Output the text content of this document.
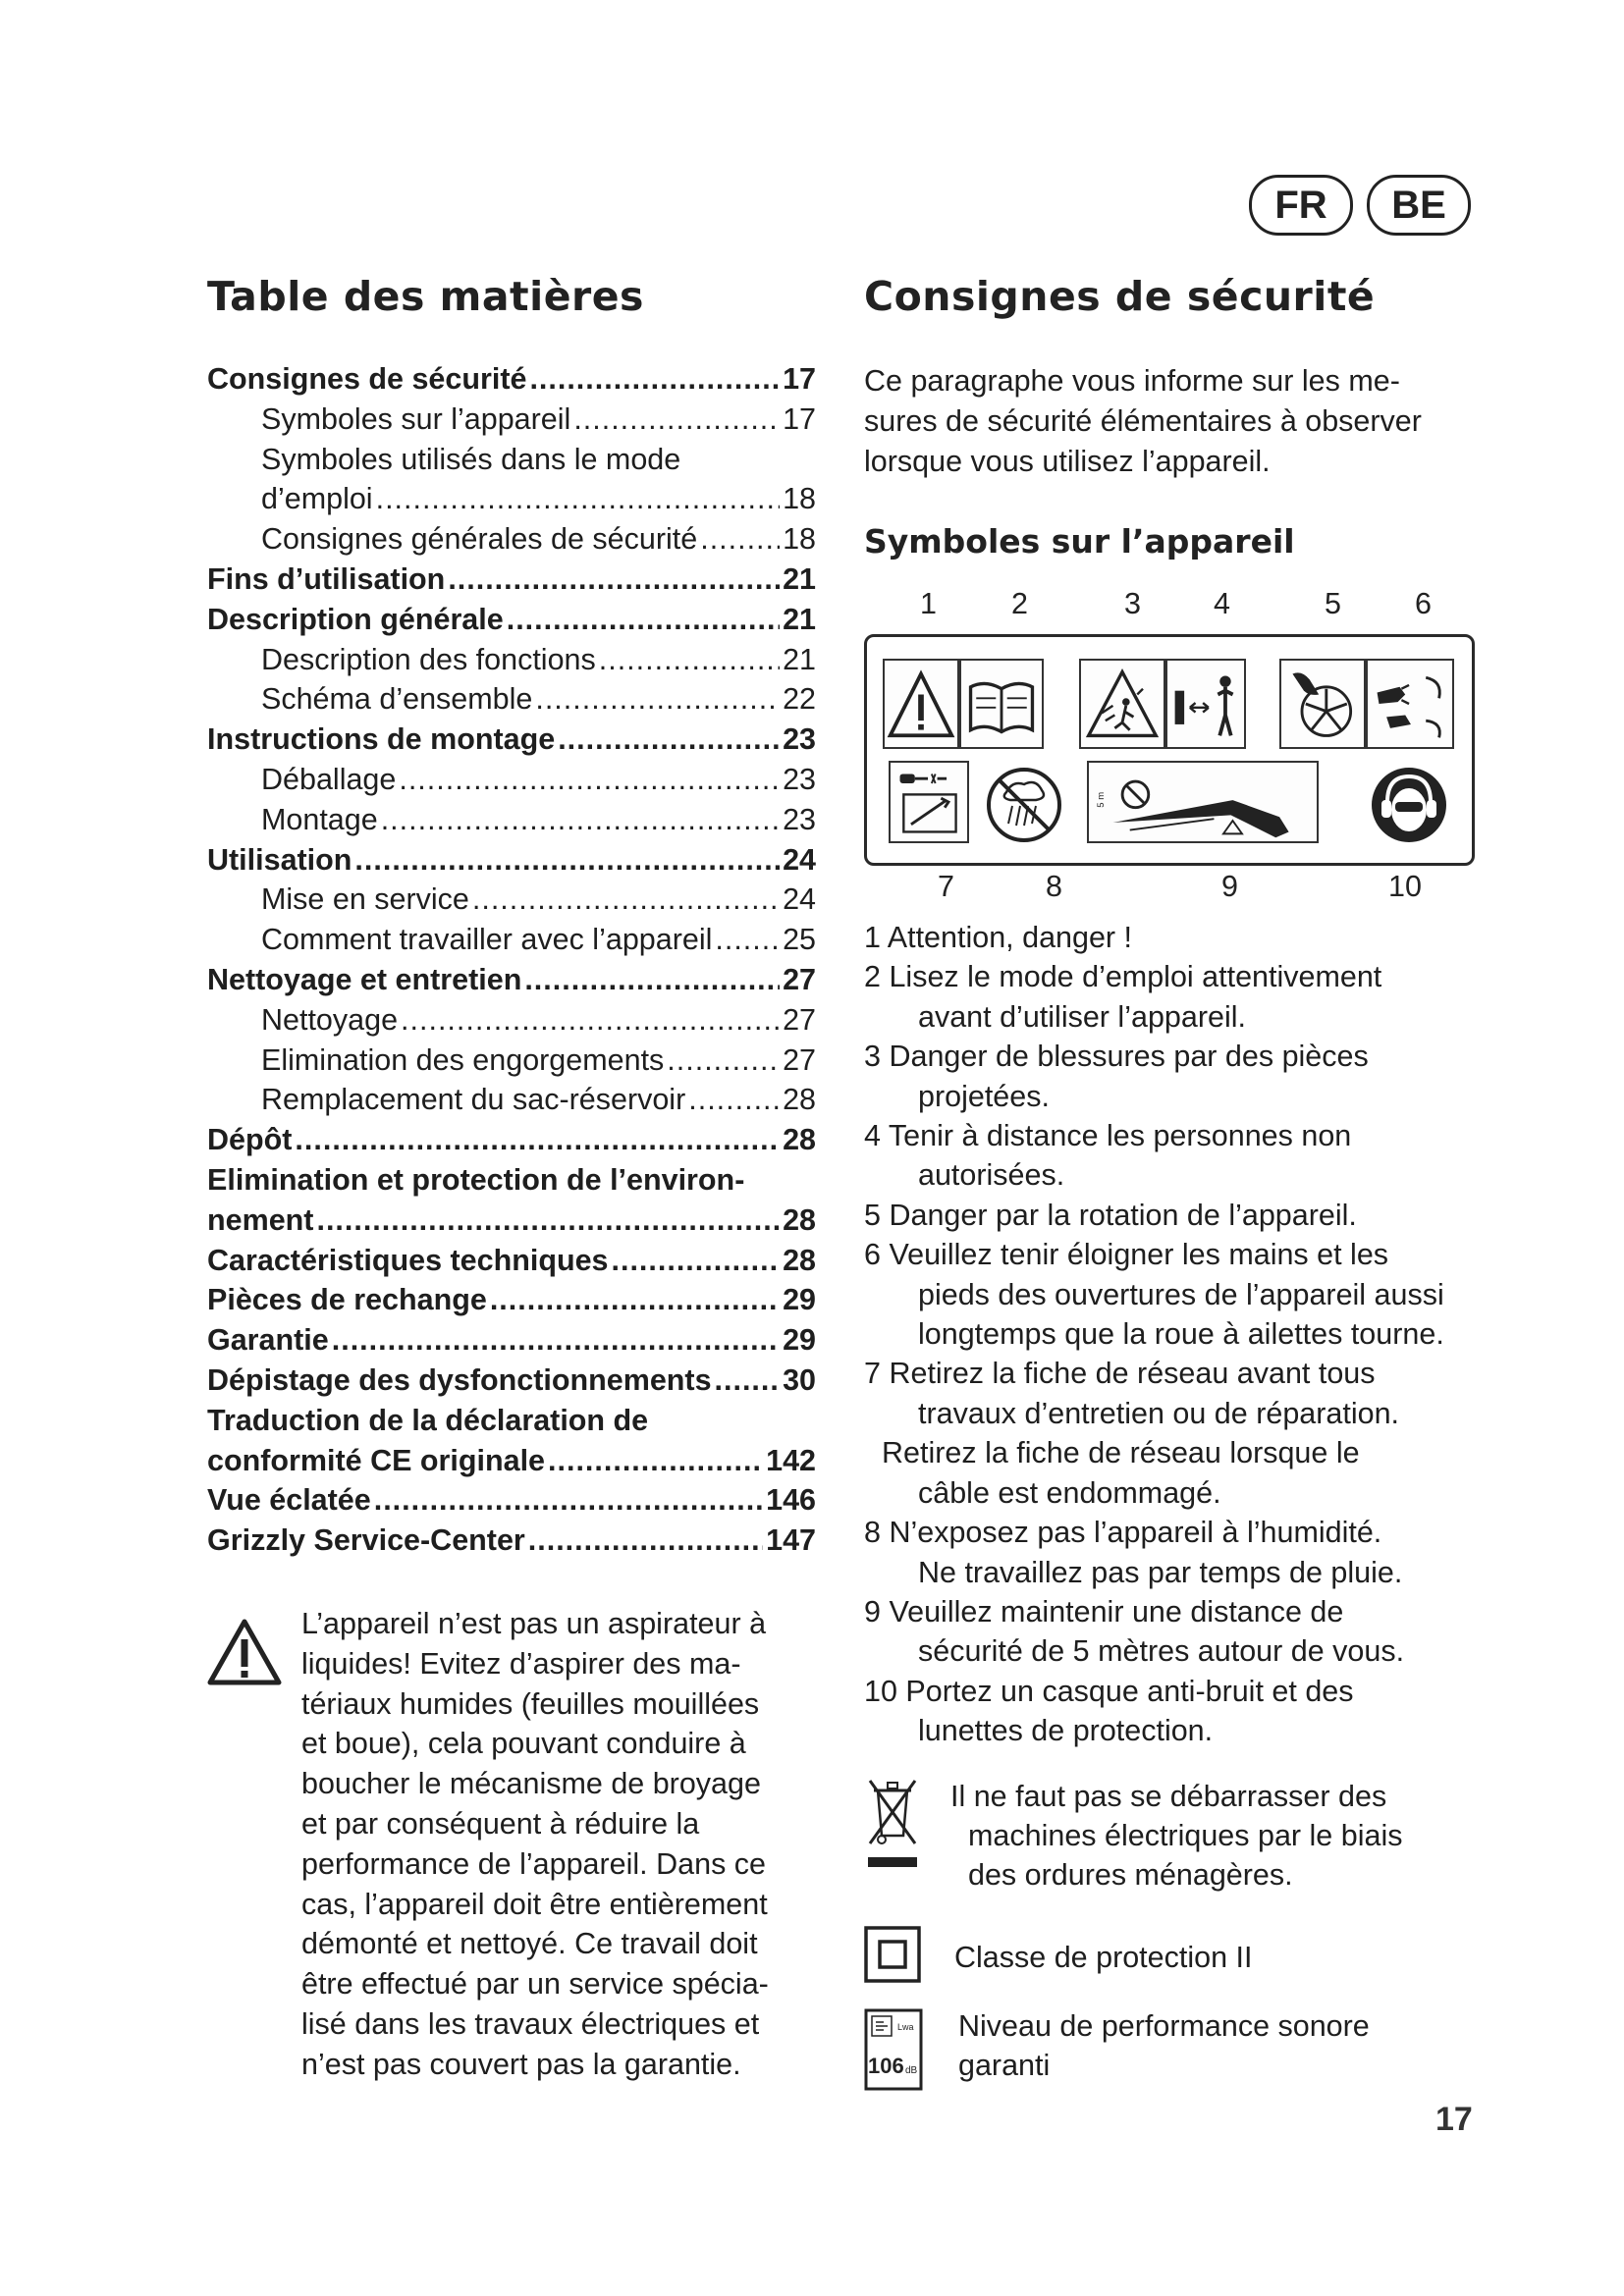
FR	BE
Table des matières
Consignes de sécurité .....	17
Symboles sur l’appareil .....	17
Symboles utilisés dans le mode
d’emploi .....	18
Consignes générales de sécurité .....	18
Fins d’utilisation .....	21
Description générale .....	21
Description des fonctions .....	21
Schéma d’ensemble .....	22
Instructions de montage .....	23
Déballage .....	23
Montage .....	23
Utilisation .....	24
Mise en service .....	24
Comment travailler avec l’appareil ..... 25
Nettoyage et entretien .....	27
Nettoyage .....	27
Elimination des engorgements .....	27
Remplacement du sac-réservoir .....	28
Dépôt .....	28
Elimination et protection de l’environ-
nement .....	28
Caractéristiques techniques .....	28
Pièces de rechange .....	29
Garantie .....	29
Dépistage des dysfonctionnements ..... 30
Traduction de la déclaration de
conformité CE originale .....	142
Vue éclatée .....	146
Grizzly Service-Center .....	147
L’appareil n’est pas un aspirateur à
liquides! Evitez d’aspirer des ma-
tériaux humides (feuilles mouillées
et boue), cela pouvant conduire à
boucher le mécanisme de broyage
et par conséquent à réduire la
performance de l’appareil. Dans ce
cas, l’appareil doit être entièrement
démonté et nettoyé. Ce travail doit
être effectué par un service spécia-
lisé dans les travaux électriques et
n’est pas couvert pas la garantie.
Consignes de sécurité
Ce paragraphe vous informe sur les me-
sures de sécurité élémentaires à observer
lorsque vous utilisez l’appareil.
Symboles sur l’appareil
1 2	3 4	5 6
5 m
7	8	9	10
1 Attention, danger !
2 Lisez le mode d’emploi attentivement
avant d’utiliser l’appareil.
3 Danger de blessures par des pièces
projetées.
4 Tenir à distance les personnes non
autorisées.
5 Danger par la rotation de l’appareil.
6 Veuillez tenir éloigner les mains et les
pieds des ouvertures de l’appareil aussi
longtemps que la roue à ailettes tourne.
7 Retirez la fiche de réseau avant tous
travaux d’entretien ou de réparation.
Retirez la fiche de réseau lorsque le
câble est endommagé.
8 N’exposez pas l’appareil à l’humidité.
Ne travaillez pas par temps de pluie.
9 Veuillez maintenir une distance de
sécurité de 5 mètres autour de vous.
10 Portez un casque anti-bruit et des
lunettes de protection.
Il ne faut pas se débarrasser des
machines électriques par le biais
des ordures ménagères.
Classe de protection II
Lwa
106 dB
Niveau de performance sonore
garanti
17
